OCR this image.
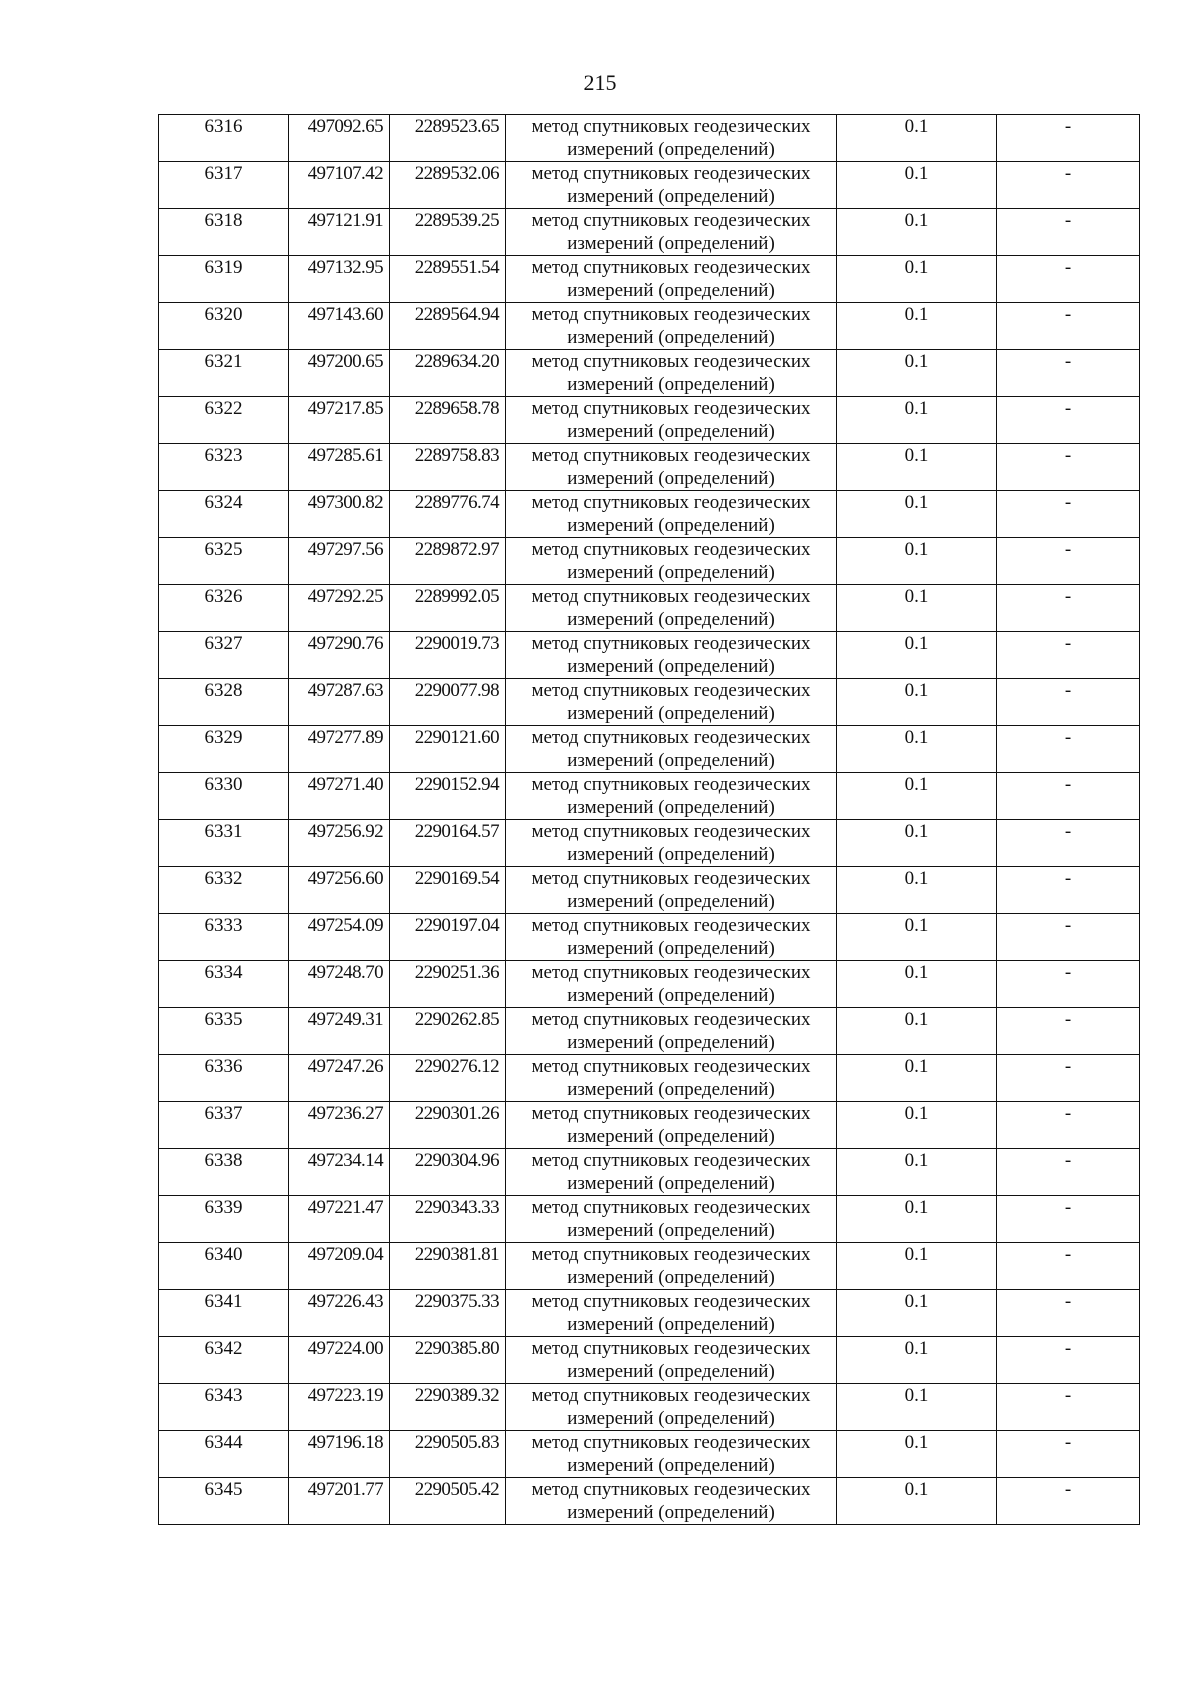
215
6316	497092.65	2289523.65	метод спутниковых геодезических
измерений (определений)	0.1	-
6317	497107.42	2289532.06	метод спутниковых геодезических
измерений (определений)	0.1	-
6318	497121.91	2289539.25	метод спутниковых геодезических
измерений (определений)	0.1	-
6319	497132.95	2289551.54	метод спутниковых геодезических
измерений (определений)	0.1	-
6320	497143.60	2289564.94	метод спутниковых геодезических
измерений (определений)	0.1	-
6321	497200.65	2289634.20	метод спутниковых геодезических
измерений (определений)	0.1	-
6322	497217.85	2289658.78	метод спутниковых геодезических
измерений (определений)	0.1	-
6323	497285.61	2289758.83	метод спутниковых геодезических
измерений (определений)	0.1	-
6324	497300.82	2289776.74	метод спутниковых геодезических
измерений (определений)	0.1	-
6325	497297.56	2289872.97	метод спутниковых геодезических
измерений (определений)	0.1	-
6326	497292.25	2289992.05	метод спутниковых геодезических
измерений (определений)	0.1	-
6327	497290.76	2290019.73	метод спутниковых геодезических
измерений (определений)	0.1	-
6328	497287.63	2290077.98	метод спутниковых геодезических
измерений (определений)	0.1	-
6329	497277.89	2290121.60	метод спутниковых геодезических
измерений (определений)	0.1	-
6330	497271.40	2290152.94	метод спутниковых геодезических
измерений (определений)	0.1	-
6331	497256.92	2290164.57	метод спутниковых геодезических
измерений (определений)	0.1	-
6332	497256.60	2290169.54	метод спутниковых геодезических
измерений (определений)	0.1	-
6333	497254.09	2290197.04	метод спутниковых геодезических
измерений (определений)	0.1	-
6334	497248.70	2290251.36	метод спутниковых геодезических
измерений (определений)	0.1	-
6335	497249.31	2290262.85	метод спутниковых геодезических
измерений (определений)	0.1	-
6336	497247.26	2290276.12	метод спутниковых геодезических
измерений (определений)	0.1	-
6337	497236.27	2290301.26	метод спутниковых геодезических
измерений (определений)	0.1	-
6338	497234.14	2290304.96	метод спутниковых геодезических
измерений (определений)	0.1	-
6339	497221.47	2290343.33	метод спутниковых геодезических
измерений (определений)	0.1	-
6340	497209.04	2290381.81	метод спутниковых геодезических
измерений (определений)	0.1	-
6341	497226.43	2290375.33	метод спутниковых геодезических
измерений (определений)	0.1	-
6342	497224.00	2290385.80	метод спутниковых геодезических
измерений (определений)	0.1	-
6343	497223.19	2290389.32	метод спутниковых геодезических
измерений (определений)	0.1	-
6344	497196.18	2290505.83	метод спутниковых геодезических
измерений (определений)	0.1	-
6345	497201.77	2290505.42	метод спутниковых геодезических
измерений (определений)	0.1	-
